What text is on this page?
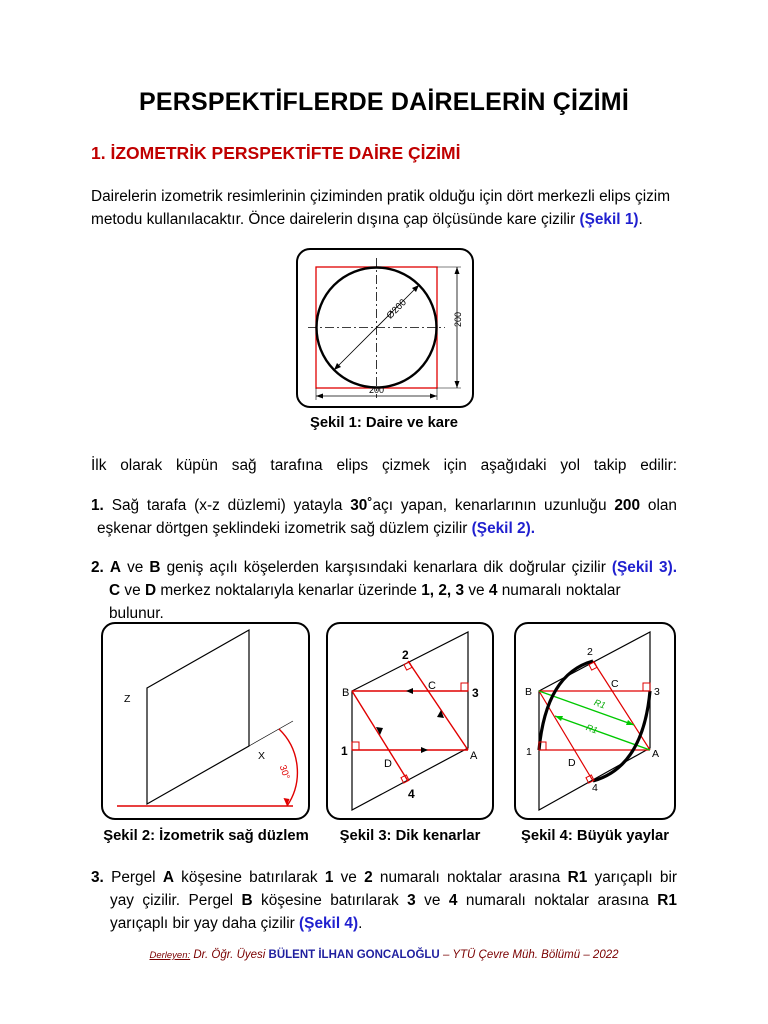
PERSPEKTİFLERDE DAİRELERİN ÇİZİMİ
1. İZOMETRİK PERSPEKTİFTE DAİRE ÇİZİMİ
Dairelerin izometrik resimlerinin çiziminden pratik olduğu için dört merkezli elips çizim
metodu kullanılacaktır. Önce dairelerin dışına çap ölçüsünde kare çizilir (Şekil 1).
Ø200	200
200
Şekil 1: Daire ve kare
İlk olarak küpün sağ tarafına elips çizmek için aşağıdaki yol takip edilir:
1. Sağ tarafa (x-z düzlemi) yatayla 30˚açı yapan, kenarlarının uzunluğu 200 olan
eşkenar dörtgen şeklindeki izometrik sağ düzlem çizilir (Şekil 2).
2. A ve B geniş açılı köşelerden karşısındaki kenarlara dik doğrular çizilir (Şekil 3).
C ve D merkez noktalarıyla kenarlar üzerinde 1, 2, 3 ve 4 numaralı noktalar bulunur.
Z
X
30°
Şekil 2: İzometrik sağ düzlem
B
C
A
D
1
2
3
4
Şekil 3: Dik kenarlar
B
C
A
D
1
2
3
4
R1
R1
Şekil 4: Büyük yaylar
3. Pergel A köşesine batırılarak 1 ve 2 numaralı noktalar arasına R1 yarıçaplı bir
yay çizilir. Pergel B köşesine batırılarak 3 ve 4 numaralı noktalar arasına R1
yarıçaplı bir yay daha çizilir (Şekil 4).
Derleyen: Dr. Öğr. Üyesi BÜLENT İLHAN GONCALOĞLU – YTÜ Çevre Müh. Bölümü – 2022
